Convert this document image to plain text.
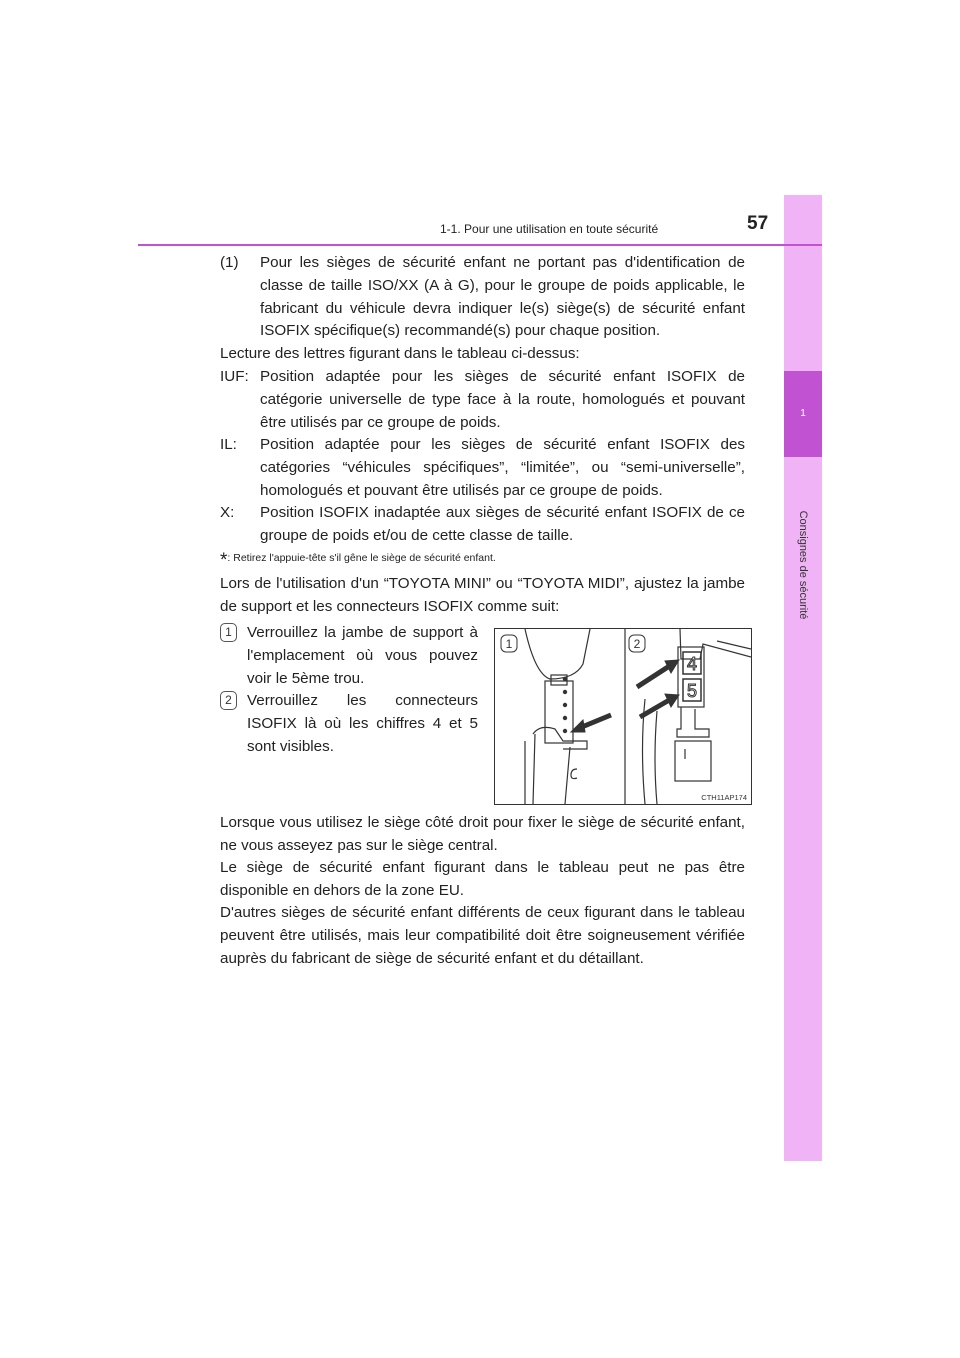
1
Consignes de sécurité
1-1. Pour une utilisation en toute sécurité	57
(1) Pour les sièges de sécurité enfant ne portant pas d'identification de classe de taille ISO/XX (A à G), pour le groupe de poids applicable, le fabricant du véhicule devra indiquer le(s) siège(s) de sécurité enfant ISOFIX spécifique(s) recommandé(s) pour chaque position.

Lecture des lettres figurant dans le tableau ci-dessus:

IUF: Position adaptée pour les sièges de sécurité enfant ISOFIX de catégorie universelle de type face à la route, homologués et pouvant être utilisés par ce groupe de poids.
IL: Position adaptée pour les sièges de sécurité enfant ISOFIX des catégories “véhicules spécifiques”, “limitée”, ou “semi-universelle”, homologués et pouvant être utilisés par ce groupe de poids.
X: Position ISOFIX inadaptée aux sièges de sécurité enfant ISOFIX de ce groupe de poids et/ou de cette classe de taille.
*: Retirez l'appuie-tête s'il gêne le siège de sécurité enfant.

Lors de l'utilisation d'un “TOYOTA MINI” ou “TOYOTA MIDI”, ajustez la jambe de support et les connecteurs ISOFIX comme suit:

1 Verrouillez la jambe de support à l'emplacement où vous pouvez voir le 5ème trou.
2 Verrouillez les connecteurs ISOFIX là où les chiffres 4 et 5 sont visibles.
4
5
1	2
CTH11AP174

Lorsque vous utilisez le siège côté droit pour fixer le siège de sécurité enfant, ne vous asseyez pas sur le siège central.

Le siège de sécurité enfant figurant dans le tableau peut ne pas être disponible en dehors de la zone EU.

D'autres sièges de sécurité enfant différents de ceux figurant dans le tableau peuvent être utilisés, mais leur compatibilité doit être soigneusement vérifiée auprès du fabricant de siège de sécurité enfant et du détaillant.
